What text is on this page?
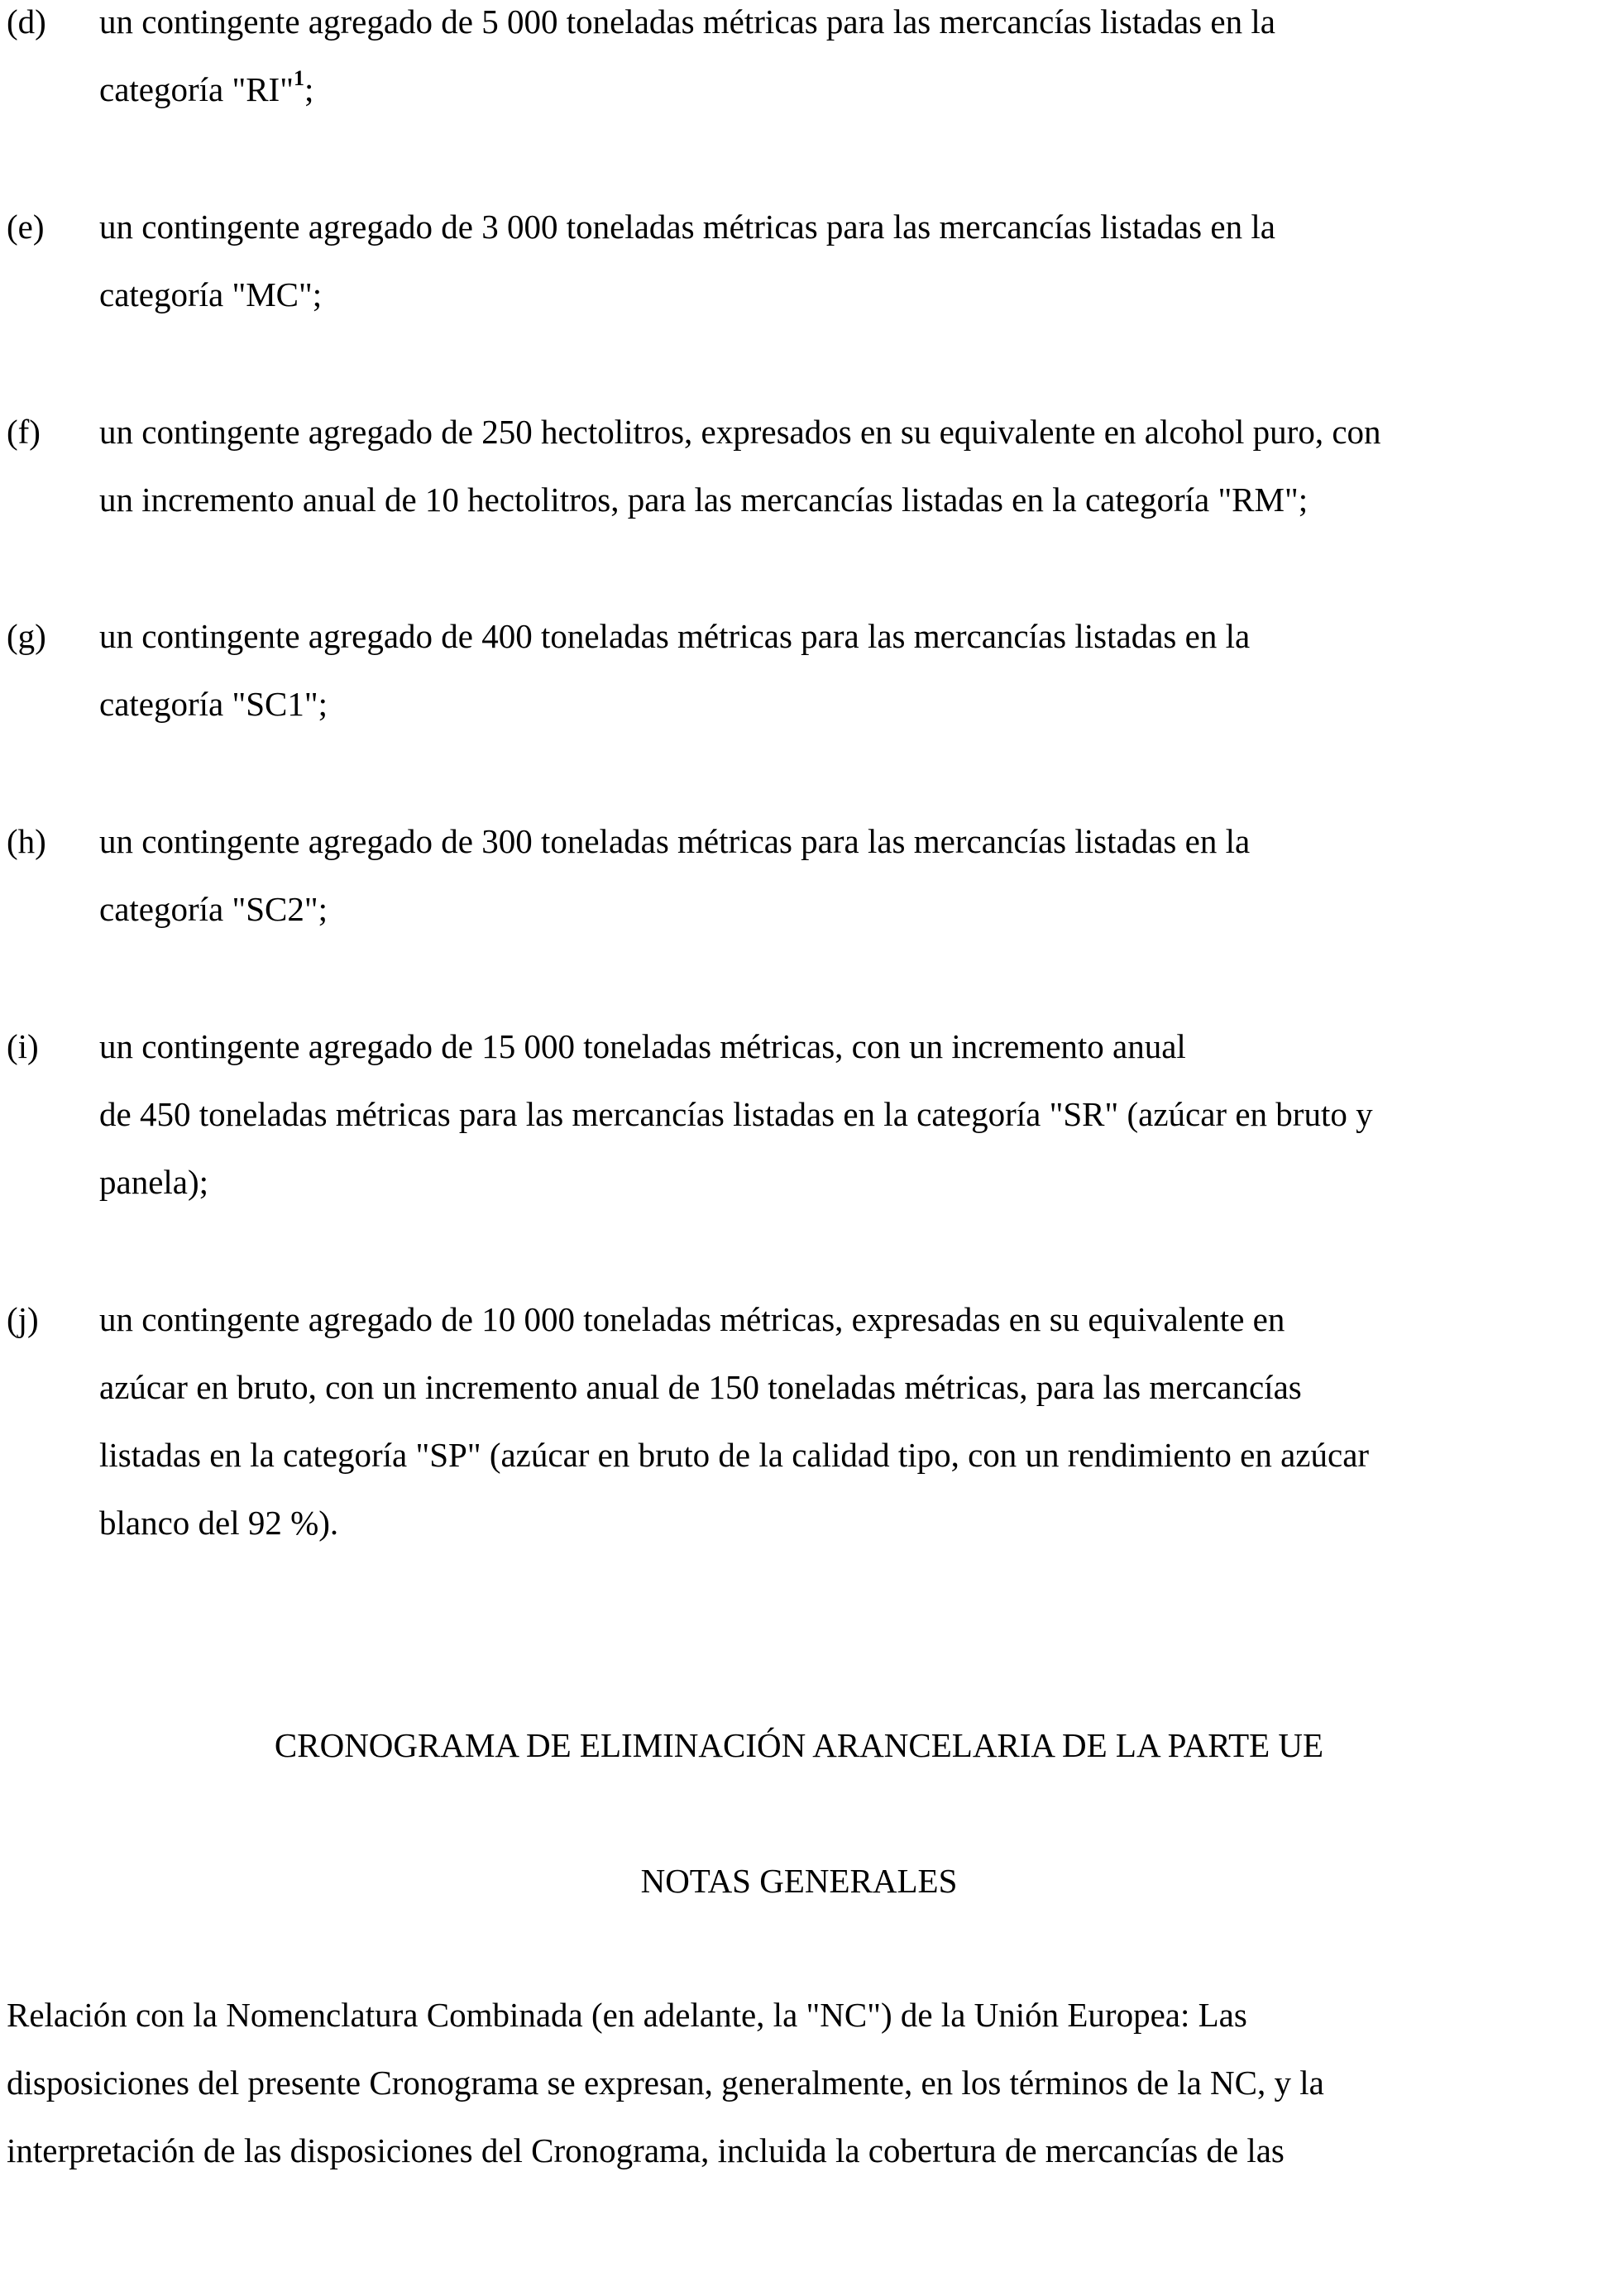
(d)	un contingente agregado de 5 000 toneladas métricas para las mercancías listadas en la
categoría "RI"$^1$;
(e)	un contingente agregado de 3 000 toneladas métricas para las mercancías listadas en la
categoría "MC";
(f)	un contingente agregado de 250 hectolitros, expresados en su equivalente en alcohol puro, con
un incremento anual de 10 hectolitros, para las mercancías listadas en la categoría "RM";
(g)	un contingente agregado de 400 toneladas métricas para las mercancías listadas en la
categoría "SC1";
(h)	un contingente agregado de 300 toneladas métricas para las mercancías listadas en la
categoría "SC2";
(i)	un contingente agregado de 15 000 toneladas métricas, con un incremento anual
de 450 toneladas métricas para las mercancías listadas en la categoría "SR" (azúcar en bruto y
panela);
(j)	un contingente agregado de 10 000 toneladas métricas, expresadas en su equivalente en
azúcar en bruto, con un incremento anual de 150 toneladas métricas, para las mercancías
listadas en la categoría "SP" (azúcar en bruto de la calidad tipo, con un rendimiento en azúcar
blanco del 92 %).
CRONOGRAMA DE ELIMINACIÓN ARANCELARIA DE LA PARTE UE
NOTAS GENERALES
Relación con la Nomenclatura Combinada (en adelante, la "NC") de la Unión Europea: Las
disposiciones del presente Cronograma se expresan, generalmente, en los términos de la NC, y la
interpretación de las disposiciones del Cronograma, incluida la cobertura de mercancías de las
